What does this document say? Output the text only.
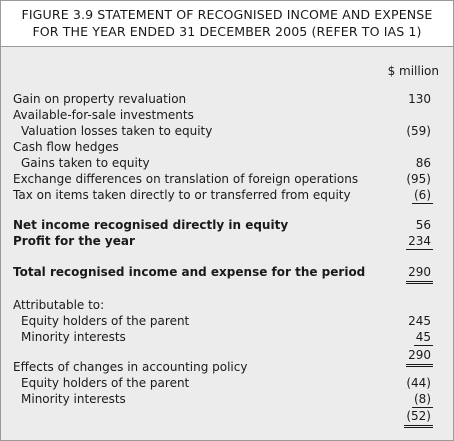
FIGURE 3.9 STATEMENT OF RECOGNISED INCOME AND EXPENSE
FOR THE YEAR ENDED 31 DECEMBER 2005 (REFER TO IAS 1)
$ million
Gain on property revaluation	130
Available-for-sale investments
Valuation losses taken to equity	(59)
Cash flow hedges
Gains taken to equity	86
Exchange differences on translation of foreign operations	(95)
Tax on items taken directly to or transferred from equity	(6)
Net income recognised directly in equity	56
Profit for the year	234
Total recognised income and expense for the period	290
Attributable to:
Equity holders of the parent	245
Minority interests	45
290
Effects of changes in accounting policy
Equity holders of the parent	(44)
Minority interests	(8)
(52)
